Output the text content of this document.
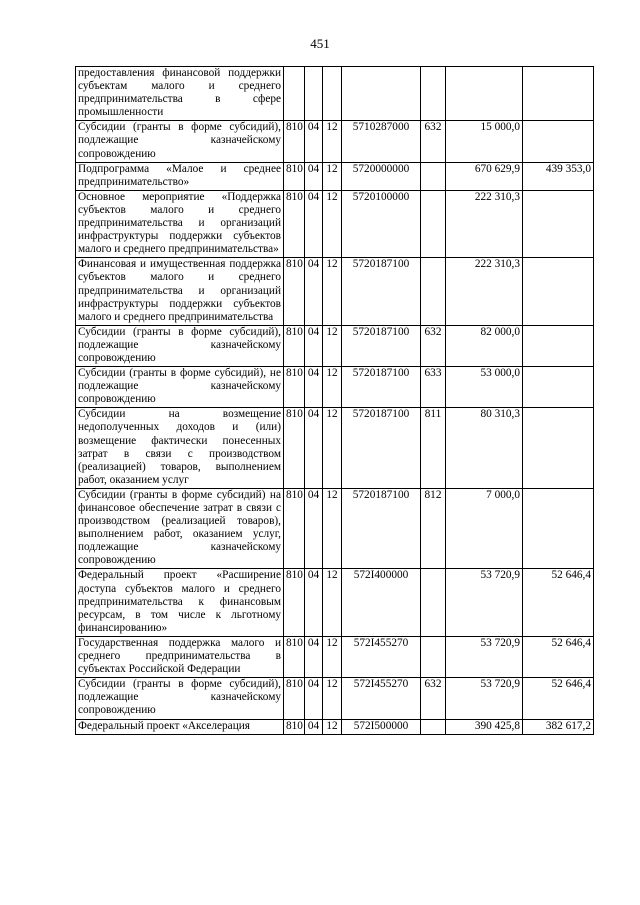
451
предоставления финансовой поддержки субъектам малого и среднего предпринимательства в сфере промышленности							
Субсидии (гранты в форме субсидий), подлежащие казначейскому сопровождению	810	04	12	5710287000	632	15 000,0	
Подпрограмма «Малое и среднее предпринимательство»	810	04	12	5720000000		670 629,9	439 353,0
Основное мероприятие «Поддержка субъектов малого и среднего предпринимательства и организаций инфраструктуры поддержки субъектов малого и среднего предпринимательства»	810	04	12	5720100000		222 310,3	
Финансовая и имущественная поддержка субъектов малого и среднего предпринимательства и организаций инфраструктуры поддержки субъектов малого и среднего предпринимательства	810	04	12	5720187100		222 310,3	
Субсидии (гранты в форме субсидий), подлежащие казначейскому сопровождению	810	04	12	5720187100	632	82 000,0	
Субсидии (гранты в форме субсидий), не подлежащие казначейскому сопровождению	810	04	12	5720187100	633	53 000,0	
Субсидии на возмещение недополученных доходов и (или) возмещение фактически понесенных затрат в связи с производством (реализацией) товаров, выполнением работ, оказанием услуг	810	04	12	5720187100	811	80 310,3	
Субсидии (гранты в форме субсидий) на финансовое обеспечение затрат в связи с производством (реализацией товаров), выполнением работ, оказанием услуг, подлежащие казначейскому сопровождению	810	04	12	5720187100	812	7 000,0	
Федеральный проект «Расширение доступа субъектов малого и среднего предпринимательства к финансовым ресурсам, в том числе к льготному финансированию»	810	04	12	572I400000		53 720,9	52 646,4
Государственная поддержка малого и среднего предпринимательства в субъектах Российской Федерации	810	04	12	572I455270		53 720,9	52 646,4
Субсидии (гранты в форме субсидий), подлежащие казначейскому сопровождению	810	04	12	572I455270	632	53 720,9	52 646,4
Федеральный проект «Акселерация	810	04	12	572I500000		390 425,8	382 617,2
